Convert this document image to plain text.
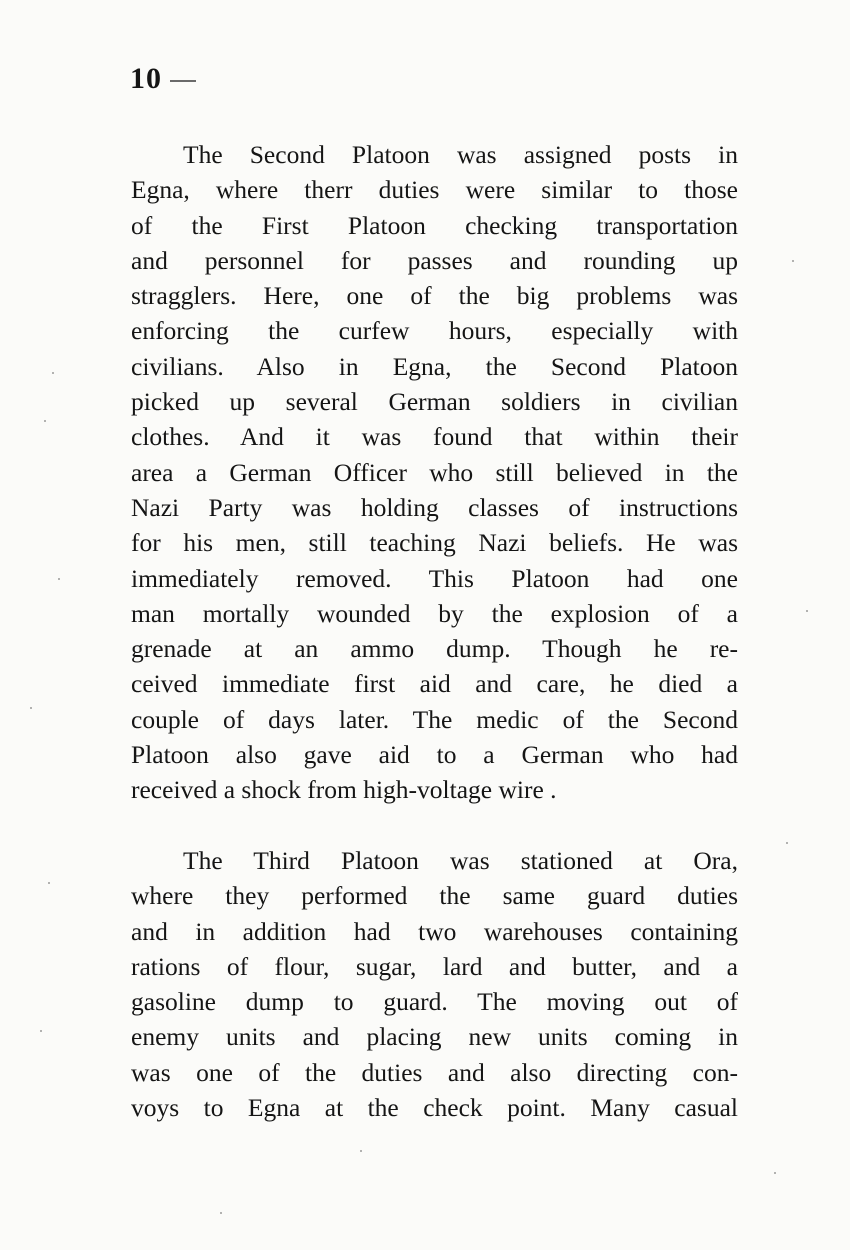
10
The Second Platoon was assigned posts in
Egna, where therr duties were similar to those
of the First Platoon checking transportation
and personnel for passes and rounding up
stragglers. Here, one of the big problems was
enforcing the curfew hours, especially with
civilians. Also in Egna, the Second Platoon
picked up several German soldiers in civilian
clothes. And it was found that within their
area a German Officer who still believed in the
Nazi Party was holding classes of instructions
for his men, still teaching Nazi beliefs. He was
immediately removed. This Platoon had one
man mortally wounded by the explosion of a
grenade at an ammo dump. Though he re-
ceived immediate first aid and care, he died a
couple of days later. The medic of the Second
Platoon also gave aid to a German who had
received a shock from high-voltage wire .
The Third Platoon was stationed at Ora,
where they performed the same guard duties
and in addition had two warehouses containing
rations of flour, sugar, lard and butter, and a
gasoline dump to guard. The moving out of
enemy units and placing new units coming in
was one of the duties and also directing con-
voys to Egna at the check point. Many casual
